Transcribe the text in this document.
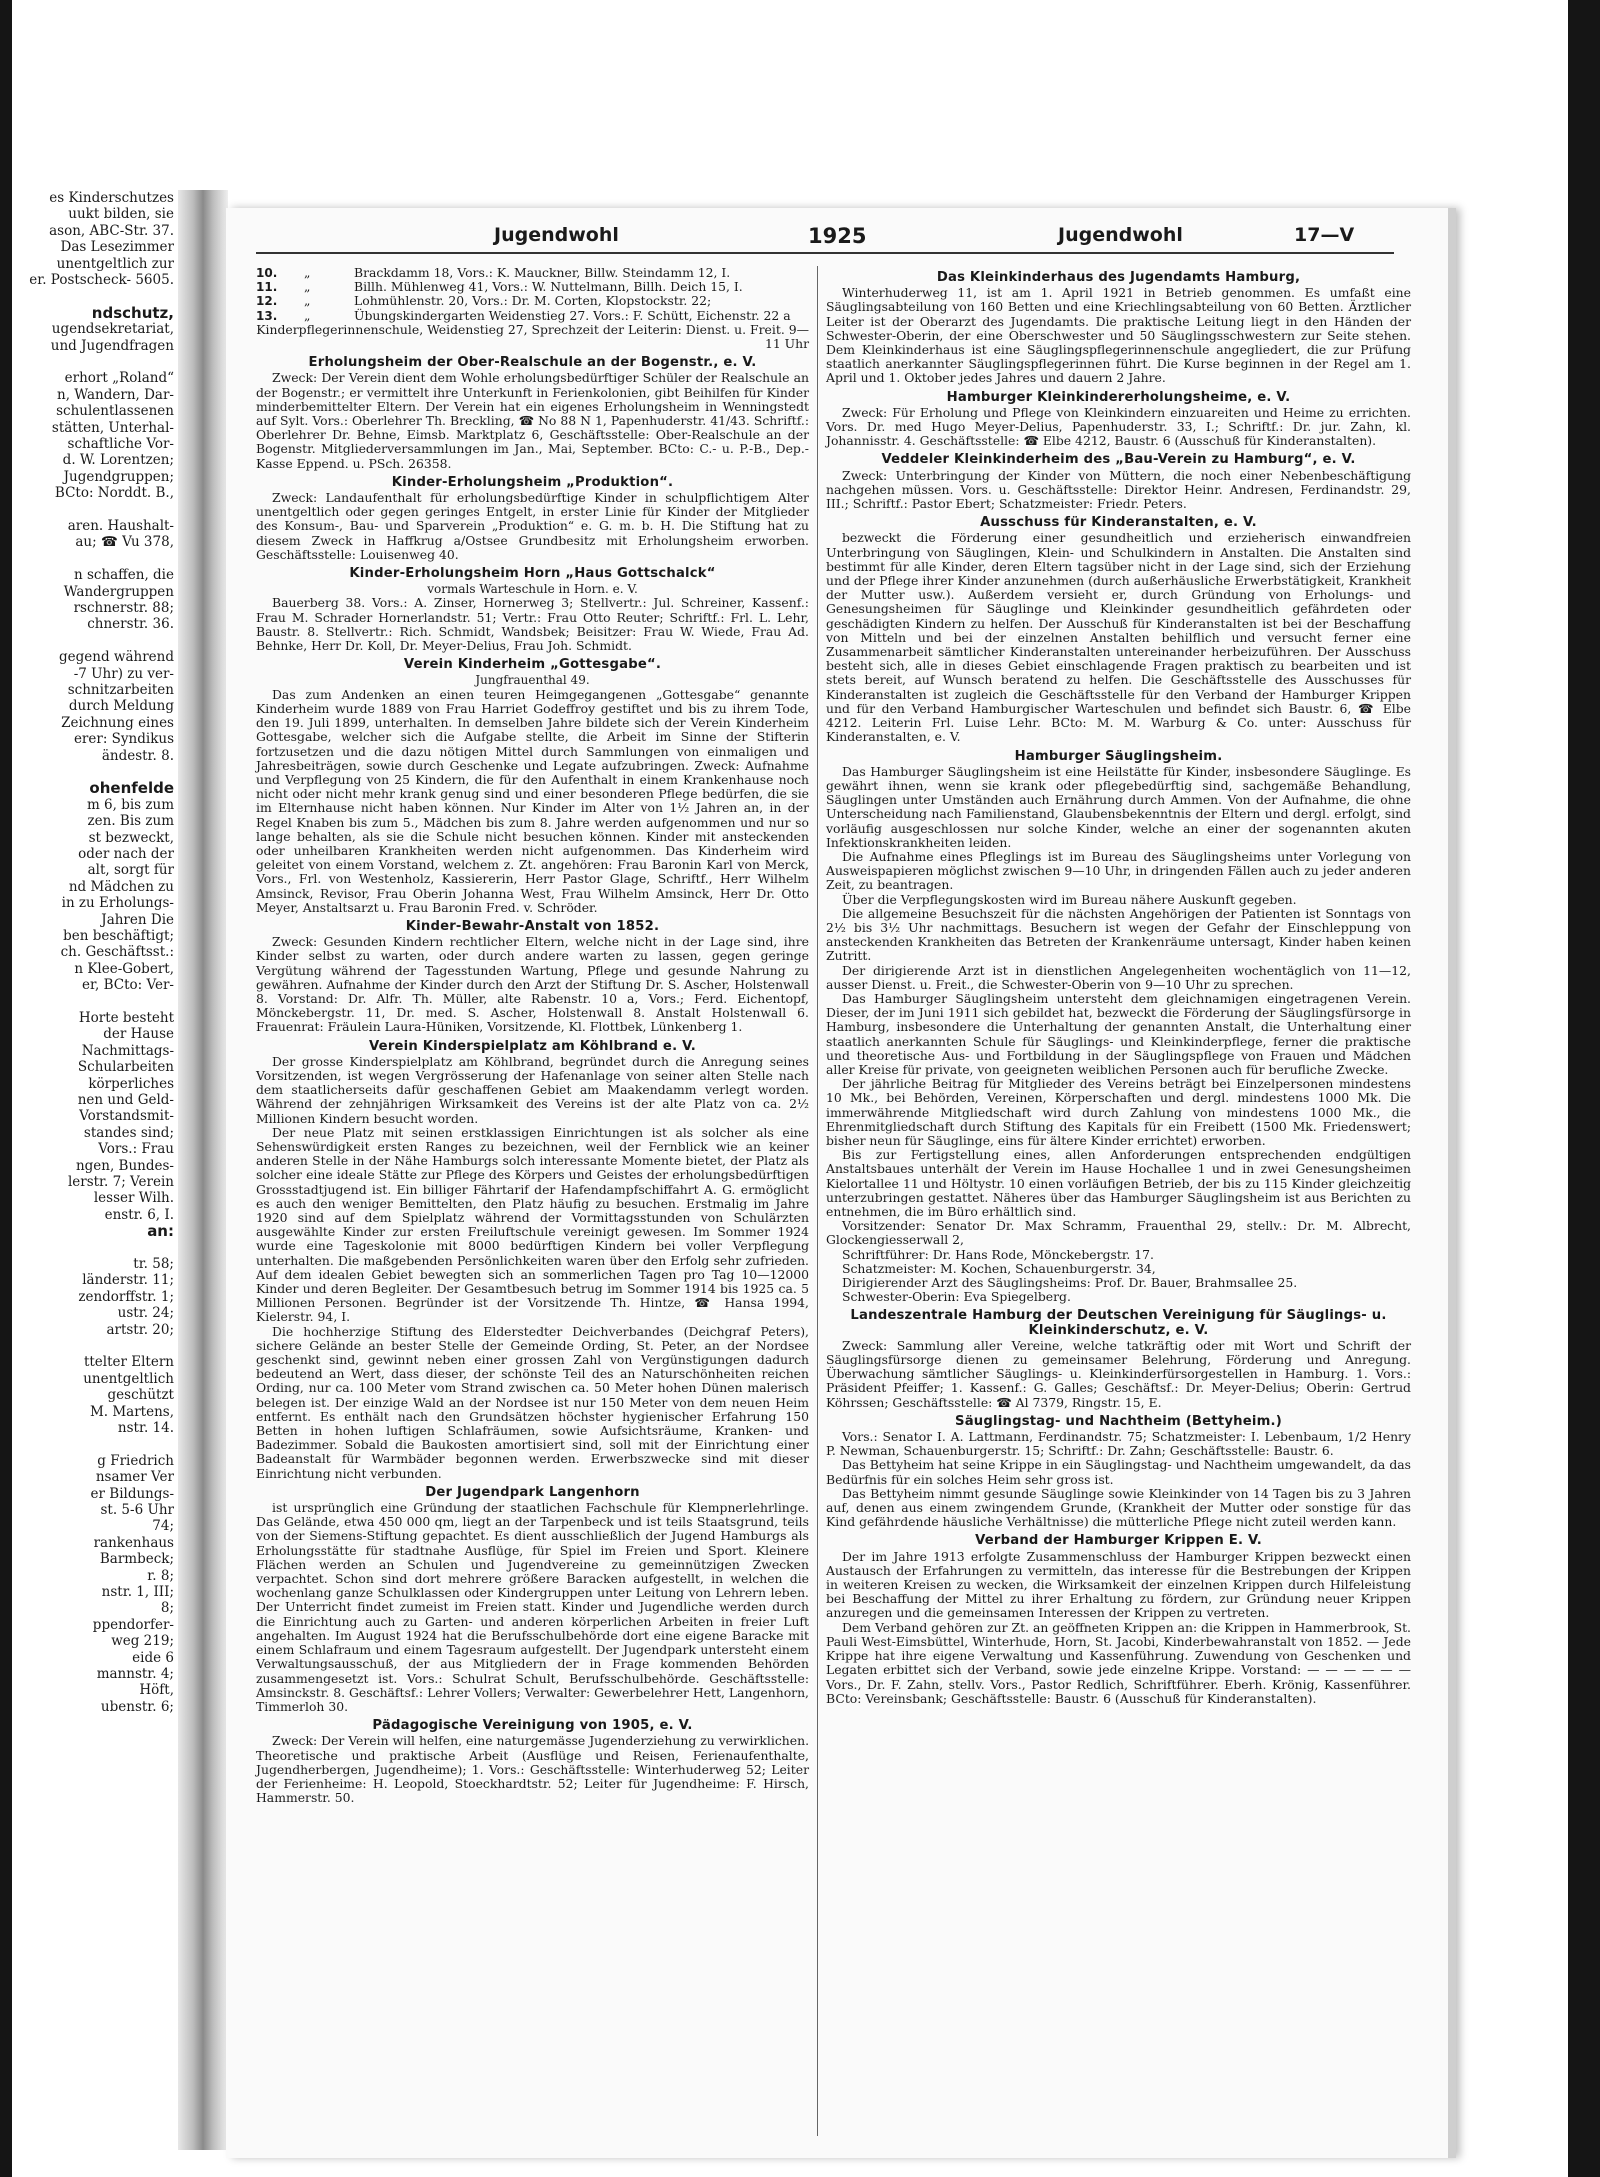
es Kinderschutzes
uukt bilden, sie
ason, ABC-Str. 37.
Das Lesezimmer
unentgeltlich zur
er. Postscheck- 5605.
ndschutz,
ugendsekretariat,
und Jugendfragen
erhort „Roland“
n, Wandern, Dar-
schulentlassenen
stätten, Unterhal-
schaftliche Vor-
d. W. Lorentzen;
Jugendgruppen;
BCto: Norddt. B.,
aren. Haushalt-
au; ☎ Vu 378,
n schaffen, die
Wandergruppen
rschnerstr. 88;
chnerstr. 36.
gegend während
-7 Uhr) zu ver-
schnitzarbeiten
durch Meldung
Zeichnung eines
erer: Syndikus
ändestr. 8.
ohenfelde
m 6, bis zum
zen. Bis zum
st bezweckt,
oder nach der
alt, sorgt für
nd Mädchen zu
in zu Erholungs-
Jahren Die
ben beschäftigt;
ch. Geschäftsst.:
n Klee-Gobert,
er, BCto: Ver-
Horte besteht
der Hause
Nachmittags-
Schularbeiten
körperliches
nen und Geld-
Vorstandsmit-
standes sind;
Vors.: Frau
ngen, Bundes-
lerstr. 7; Verein
lesser Wilh.
enstr. 6, I.
an:
tr. 58;
länderstr. 11;
zendorffstr. 1;
ustr. 24;
artstr. 20;
ttelter Eltern
unentgeltlich
geschützt
M. Martens,
nstr. 14.
g Friedrich
nsamer Ver
er Bildungs-
st. 5-6 Uhr
74;
rankenhaus
Barmbeck;
r. 8;
nstr. 1, III;
8;
ppendorfer-
weg 219;
eide 6
mannstr. 4;
Höft,
ubenstr. 6;
Jugendwohl	1925	Jugendwohl	17—V
10.	„	Brackdamm 18, Vors.: K. Mauckner, Billw. Steindamm 12, I.
11.	„	Billh. Mühlenweg 41, Vors.: W. Nuttelmann, Billh. Deich 15, I.
12.	„	Lohmühlenstr. 20, Vors.: Dr. M. Corten, Klopstockstr. 22;
13.	„	Übungskindergarten Weidenstieg 27. Vors.: F. Schütt, Eichenstr. 22 a
Kinderpflegerinnenschule, Weidenstieg 27, Sprechzeit der Leiterin: Dienst. u. Freit. 9—11 Uhr
Erholungsheim der Ober-Realschule an der Bogenstr., e. V.

Zweck: Der Verein dient dem Wohle erholungsbedürftiger Schüler der Realschule an der Bogenstr.; er vermittelt ihre Unterkunft in Ferienkolonien, gibt Beihilfen für Kinder minderbemittelter Eltern. Der Verein hat ein eigenes Erholungsheim in Wenningstedt auf Sylt. Vors.: Oberlehrer Th. Breckling, ☎ No 88 N 1, Papenhuderstr. 41/43. Schriftf.: Oberlehrer Dr. Behne, Eimsb. Marktplatz 6, Geschäftsstelle: Ober-Realschule an der Bogenstr. Mitgliederversammlungen im Jan., Mai, September. BCto: C.- u. P.-B., Dep.-Kasse Eppend. u. PSch. 26358.

Kinder-Erholungsheim „Produktion“.

Zweck: Landaufenthalt für erholungsbedürftige Kinder in schulpflichtigem Alter unentgeltlich oder gegen geringes Entgelt, in erster Linie für Kinder der Mitglieder des Konsum-, Bau- und Sparverein „Produktion“ e. G. m. b. H. Die Stiftung hat zu diesem Zweck in Haffkrug a/Ostsee Grundbesitz mit Erholungsheim erworben. Geschäftsstelle: Louisenweg 40.

Kinder-Erholungsheim Horn „Haus Gottschalck“
vormals Warteschule in Horn. e. V.

Bauerberg 38. Vors.: A. Zinser, Hornerweg 3; Stellvertr.: Jul. Schreiner, Kassenf.: Frau M. Schrader Hornerlandstr. 51; Vertr.: Frau Otto Reuter; Schriftf.: Frl. L. Lehr, Baustr. 8. Stellvertr.: Rich. Schmidt, Wandsbek; Beisitzer: Frau W. Wiede, Frau Ad. Behnke, Herr Dr. Koll, Dr. Meyer-Delius, Frau Joh. Schmidt.

Verein Kinderheim „Gottesgabe“.
Jungfrauenthal 49.

Das zum Andenken an einen teuren Heimgegangenen „Gottesgabe“ genannte Kinderheim wurde 1889 von Frau Harriet Godeffroy gestiftet und bis zu ihrem Tode, den 19. Juli 1899, unterhalten. In demselben Jahre bildete sich der Verein Kinderheim Gottesgabe, welcher sich die Aufgabe stellte, die Arbeit im Sinne der Stifterin fortzusetzen und die dazu nötigen Mittel durch Sammlungen von einmaligen und Jahresbeiträgen, sowie durch Geschenke und Legate aufzubringen. Zweck: Aufnahme und Verpflegung von 25 Kindern, die für den Aufenthalt in einem Krankenhause noch nicht oder nicht mehr krank genug sind und einer besonderen Pflege bedürfen, die sie im Elternhause nicht haben können. Nur Kinder im Alter von 1½ Jahren an, in der Regel Knaben bis zum 5., Mädchen bis zum 8. Jahre werden aufgenommen und nur so lange behalten, als sie die Schule nicht besuchen können. Kinder mit ansteckenden oder unheilbaren Krankheiten werden nicht aufgenommen. Das Kinderheim wird geleitet von einem Vorstand, welchem z. Zt. angehören: Frau Baronin Karl von Merck, Vors., Frl. von Westenholz, Kassiererin, Herr Pastor Glage, Schriftf., Herr Wilhelm Amsinck, Revisor, Frau Oberin Johanna West, Frau Wilhelm Amsinck, Herr Dr. Otto Meyer, Anstaltsarzt u. Frau Baronin Fred. v. Schröder.

Kinder-Bewahr-Anstalt von 1852.

Zweck: Gesunden Kindern rechtlicher Eltern, welche nicht in der Lage sind, ihre Kinder selbst zu warten, oder durch andere warten zu lassen, gegen geringe Vergütung während der Tagesstunden Wartung, Pflege und gesunde Nahrung zu gewähren. Aufnahme der Kinder durch den Arzt der Stiftung Dr. S. Ascher, Holstenwall 8. Vorstand: Dr. Alfr. Th. Müller, alte Rabenstr. 10 a, Vors.; Ferd. Eichentopf, Mönckebergstr. 11, Dr. med. S. Ascher, Holstenwall 8. Anstalt Holstenwall 6. Frauenrat: Fräulein Laura-Hüniken, Vorsitzende, Kl. Flottbek, Lünkenberg 1.

Verein Kinderspielplatz am Köhlbrand e. V.

Der grosse Kinderspielplatz am Köhlbrand, begründet durch die Anregung seines Vorsitzenden, ist wegen Vergrösserung der Hafenanlage von seiner alten Stelle nach dem staatlicherseits dafür geschaffenen Gebiet am Maakendamm verlegt worden. Während der zehnjährigen Wirksamkeit des Vereins ist der alte Platz von ca. 2½ Millionen Kindern besucht worden.

Der neue Platz mit seinen erstklassigen Einrichtungen ist als solcher als eine Sehenswürdigkeit ersten Ranges zu bezeichnen, weil der Fernblick wie an keiner anderen Stelle in der Nähe Hamburgs solch interessante Momente bietet, der Platz als solcher eine ideale Stätte zur Pflege des Körpers und Geistes der erholungsbedürftigen Grossstadtjugend ist. Ein billiger Fährtarif der Hafendampfschiffahrt A. G. ermöglicht es auch den weniger Bemittelten, den Platz häufig zu besuchen. Erstmalig im Jahre 1920 sind auf dem Spielplatz während der Vormittagsstunden von Schulärzten ausgewählte Kinder zur ersten Freiluftschule vereinigt gewesen. Im Sommer 1924 wurde eine Tageskolonie mit 8000 bedürftigen Kindern bei voller Verpflegung unterhalten. Die maßgebenden Persönlichkeiten waren über den Erfolg sehr zufrieden. Auf dem idealen Gebiet bewegten sich an sommerlichen Tagen pro Tag 10—12000 Kinder und deren Begleiter. Der Gesamtbesuch betrug im Sommer 1914 bis 1925 ca. 5 Millionen Personen. Begründer ist der Vorsitzende Th. Hintze, ☎ Hansa 1994, Kielerstr. 94, I.

Die hochherzige Stiftung des Elderstedter Deichverbandes (Deichgraf Peters), sichere Gelände an bester Stelle der Gemeinde Ording, St. Peter, an der Nordsee geschenkt sind, gewinnt neben einer grossen Zahl von Vergünstigungen dadurch bedeutend an Wert, dass dieser, der schönste Teil des an Naturschönheiten reichen Ording, nur ca. 100 Meter vom Strand zwischen ca. 50 Meter hohen Dünen malerisch belegen ist. Der einzige Wald an der Nordsee ist nur 150 Meter von dem neuen Heim entfernt. Es enthält nach den Grundsätzen höchster hygienischer Erfahrung 150 Betten in hohen luftigen Schlafräumen, sowie Aufsichtsräume, Kranken- und Badezimmer. Sobald die Baukosten amortisiert sind, soll mit der Einrichtung einer Badeanstalt für Warmbäder begonnen werden. Erwerbszwecke sind mit dieser Einrichtung nicht verbunden.

Der Jugendpark Langenhorn

ist ursprünglich eine Gründung der staatlichen Fachschule für Klempnerlehrlinge. Das Gelände, etwa 450 000 qm, liegt an der Tarpenbeck und ist teils Staatsgrund, teils von der Siemens-Stiftung gepachtet. Es dient ausschließlich der Jugend Hamburgs als Erholungsstätte für stadtnahe Ausflüge, für Spiel im Freien und Sport. Kleinere Flächen werden an Schulen und Jugendvereine zu gemeinnützigen Zwecken verpachtet. Schon sind dort mehrere größere Baracken aufgestellt, in welchen die wochenlang ganze Schulklassen oder Kindergruppen unter Leitung von Lehrern leben. Der Unterricht findet zumeist im Freien statt. Kinder und Jugendliche werden durch die Einrichtung auch zu Garten- und anderen körperlichen Arbeiten in freier Luft angehalten. Im August 1924 hat die Berufsschulbehörde dort eine eigene Baracke mit einem Schlafraum und einem Tagesraum aufgestellt. Der Jugendpark untersteht einem Verwaltungsausschuß, der aus Mitgliedern der in Frage kommenden Behörden zusammengesetzt ist. Vors.: Schulrat Schult, Berufsschulbehörde. Geschäftsstelle: Amsinckstr. 8. Geschäftsf.: Lehrer Vollers; Verwalter: Gewerbelehrer Hett, Langenhorn, Timmerloh 30.

Pädagogische Vereinigung von 1905, e. V.

Zweck: Der Verein will helfen, eine naturgemässe Jugenderziehung zu verwirklichen. Theoretische und praktische Arbeit (Ausflüge und Reisen, Ferienaufenthalte, Jugendherbergen, Jugendheime); 1. Vors.: Geschäftsstelle: Winterhuderweg 52; Leiter der Ferienheime: H. Leopold, Stoeckhardtstr. 52; Leiter für Jugendheime: F. Hirsch, Hammerstr. 50.

Das Kleinkinderhaus des Jugendamts Hamburg,

Winterhuderweg 11, ist am 1. April 1921 in Betrieb genommen. Es umfaßt eine Säuglingsabteilung von 160 Betten und eine Kriechlingsabteilung von 60 Betten. Ärztlicher Leiter ist der Oberarzt des Jugendamts. Die praktische Leitung liegt in den Händen der Schwester-Oberin, der eine Oberschwester und 50 Säuglingsschwestern zur Seite stehen. Dem Kleinkinderhaus ist eine Säuglingspflegerinnenschule angegliedert, die zur Prüfung staatlich anerkannter Säuglingspflegerinnen führt. Die Kurse beginnen in der Regel am 1. April und 1. Oktober jedes Jahres und dauern 2 Jahre.

Hamburger Kleinkindererholungsheime, e. V.

Zweck: Für Erholung und Pflege von Kleinkindern einzuareiten und Heime zu errichten. Vors. Dr. med Hugo Meyer-Delius, Papenhuderstr. 33, I.; Schriftf.: Dr. jur. Zahn, kl. Johannisstr. 4. Geschäftsstelle: ☎ Elbe 4212, Baustr. 6 (Ausschuß für Kinderanstalten).

Veddeler Kleinkinderheim des „Bau-Verein zu Hamburg“, e. V.

Zweck: Unterbringung der Kinder von Müttern, die noch einer Nebenbeschäftigung nachgehen müssen. Vors. u. Geschäftsstelle: Direktor Heinr. Andresen, Ferdinandstr. 29, III.; Schriftf.: Pastor Ebert; Schatzmeister: Friedr. Peters.

Ausschuss für Kinderanstalten, e. V.

bezweckt die Förderung einer gesundheitlich und erzieherisch einwandfreien Unterbringung von Säuglingen, Klein- und Schulkindern in Anstalten. Die Anstalten sind bestimmt für alle Kinder, deren Eltern tagsüber nicht in der Lage sind, sich der Erziehung und der Pflege ihrer Kinder anzunehmen (durch außerhäusliche Erwerbstätigkeit, Krankheit der Mutter usw.). Außerdem versieht er, durch Gründung von Erholungs- und Genesungsheimen für Säuglinge und Kleinkinder gesundheitlich gefährdeten oder geschädigten Kindern zu helfen. Der Ausschuß für Kinderanstalten ist bei der Beschaffung von Mitteln und bei der einzelnen Anstalten behilflich und versucht ferner eine Zusammenarbeit sämtlicher Kinderanstalten untereinander herbeizuführen. Der Ausschuss besteht sich, alle in dieses Gebiet einschlagende Fragen praktisch zu bearbeiten und ist stets bereit, auf Wunsch beratend zu helfen. Die Geschäftsstelle des Ausschusses für Kinderanstalten ist zugleich die Geschäftsstelle für den Verband der Hamburger Krippen und für den Verband Hamburgischer Warteschulen und befindet sich Baustr. 6, ☎ Elbe 4212. Leiterin Frl. Luise Lehr. BCto: M. M. Warburg & Co. unter: Ausschuss für Kinderanstalten, e. V.

Hamburger Säuglingsheim.

Das Hamburger Säuglingsheim ist eine Heilstätte für Kinder, insbesondere Säuglinge. Es gewährt ihnen, wenn sie krank oder pflegebedürftig sind, sachgemäße Behandlung, Säuglingen unter Umständen auch Ernährung durch Ammen. Von der Aufnahme, die ohne Unterscheidung nach Familienstand, Glaubensbekenntnis der Eltern und dergl. erfolgt, sind vorläufig ausgeschlossen nur solche Kinder, welche an einer der sogenannten akuten Infektionskrankheiten leiden.

Die Aufnahme eines Pfleglings ist im Bureau des Säuglingsheims unter Vorlegung von Ausweispapieren möglichst zwischen 9—10 Uhr, in dringenden Fällen auch zu jeder anderen Zeit, zu beantragen.

Über die Verpflegungskosten wird im Bureau nähere Auskunft gegeben.

Die allgemeine Besuchszeit für die nächsten Angehörigen der Patienten ist Sonntags von 2½ bis 3½ Uhr nachmittags. Besuchern ist wegen der Gefahr der Einschleppung von ansteckenden Krankheiten das Betreten der Krankenräume untersagt, Kinder haben keinen Zutritt.

Der dirigierende Arzt ist in dienstlichen Angelegenheiten wochentäglich von 11—12, ausser Dienst. u. Freit., die Schwester-Oberin von 9—10 Uhr zu sprechen.

Das Hamburger Säuglingsheim untersteht dem gleichnamigen eingetragenen Verein. Dieser, der im Juni 1911 sich gebildet hat, bezweckt die Förderung der Säuglingsfürsorge in Hamburg, insbesondere die Unterhaltung der genannten Anstalt, die Unterhaltung einer staatlich anerkannten Schule für Säuglings- und Kleinkinderpflege, ferner die praktische und theoretische Aus- und Fortbildung in der Säuglingspflege von Frauen und Mädchen aller Kreise für private, von geeigneten weiblichen Personen auch für berufliche Zwecke.

Der jährliche Beitrag für Mitglieder des Vereins beträgt bei Einzelpersonen mindestens 10 Mk., bei Behörden, Vereinen, Körperschaften und dergl. mindestens 1000 Mk. Die immerwährende Mitgliedschaft wird durch Zahlung von mindestens 1000 Mk., die Ehrenmitgliedschaft durch Stiftung des Kapitals für ein Freibett (1500 Mk. Friedenswert; bisher neun für Säuglinge, eins für ältere Kinder errichtet) erworben.

Bis zur Fertigstellung eines, allen Anforderungen entsprechenden endgültigen Anstaltsbaues unterhält der Verein im Hause Hochallee 1 und in zwei Genesungsheimen Kielortallee 11 und Höltystr. 10 einen vorläufigen Betrieb, der bis zu 115 Kinder gleichzeitig unterzubringen gestattet. Näheres über das Hamburger Säuglingsheim ist aus Berichten zu entnehmen, die im Büro erhältlich sind.

Vorsitzender: Senator Dr. Max Schramm, Frauenthal 29, stellv.: Dr. M. Albrecht, Glockengiesserwall 2,

Schriftführer: Dr. Hans Rode, Mönckebergstr. 17.

Schatzmeister: M. Kochen, Schauenburgerstr. 34,

Dirigierender Arzt des Säuglingsheims: Prof. Dr. Bauer, Brahmsallee 25.

Schwester-Oberin: Eva Spiegelberg.

Landeszentrale Hamburg der Deutschen Vereinigung für Säuglings- u. Kleinkinderschutz, e. V.

Zweck: Sammlung aller Vereine, welche tatkräftig oder mit Wort und Schrift der Säuglingsfürsorge dienen zu gemeinsamer Belehrung, Förderung und Anregung. Überwachung sämtlicher Säuglings- u. Kleinkinderfürsorgestellen in Hamburg. 1. Vors.: Präsident Pfeiffer; 1. Kassenf.: G. Galles; Geschäftsf.: Dr. Meyer-Delius; Oberin: Gertrud Köhrssen; Geschäftsstelle: ☎ Al 7379, Ringstr. 15, E.

Säuglingstag- und Nachtheim (Bettyheim.)

Vors.: Senator I. A. Lattmann, Ferdinandstr. 75; Schatzmeister: I. Lebenbaum, 1/2 Henry P. Newman, Schauenburgerstr. 15; Schriftf.: Dr. Zahn; Geschäftsstelle: Baustr. 6.

Das Bettyheim hat seine Krippe in ein Säuglingstag- und Nachtheim umgewandelt, da das Bedürfnis für ein solches Heim sehr gross ist.

Das Bettyheim nimmt gesunde Säuglinge sowie Kleinkinder von 14 Tagen bis zu 3 Jahren auf, denen aus einem zwingendem Grunde, (Krankheit der Mutter oder sonstige für das Kind gefährdende häusliche Verhältnisse) die mütterliche Pflege nicht zuteil werden kann.

Verband der Hamburger Krippen E. V.

Der im Jahre 1913 erfolgte Zusammenschluss der Hamburger Krippen bezweckt einen Austausch der Erfahrungen zu vermitteln, das interesse für die Bestrebungen der Krippen in weiteren Kreisen zu wecken, die Wirksamkeit der einzelnen Krippen durch Hilfeleistung bei Beschaffung der Mittel zu ihrer Erhaltung zu fördern, zur Gründung neuer Krippen anzuregen und die gemeinsamen Interessen der Krippen zu vertreten.

Dem Verband gehören zur Zt. an geöffneten Krippen an: die Krippen in Hammerbrook, St. Pauli West-Eimsbüttel, Winterhude, Horn, St. Jacobi, Kinderbewahranstalt von 1852. — Jede Krippe hat ihre eigene Verwaltung und Kassenführung. Zuwendung von Geschenken und Legaten erbittet sich der Verband, sowie jede einzelne Krippe. Vorstand: — — — — — — Vors., Dr. F. Zahn, stellv. Vors., Pastor Redlich, Schriftführer. Eberh. Krönig, Kassenführer. BCto: Vereinsbank; Geschäftsstelle: Baustr. 6 (Ausschuß für Kinderanstalten).
